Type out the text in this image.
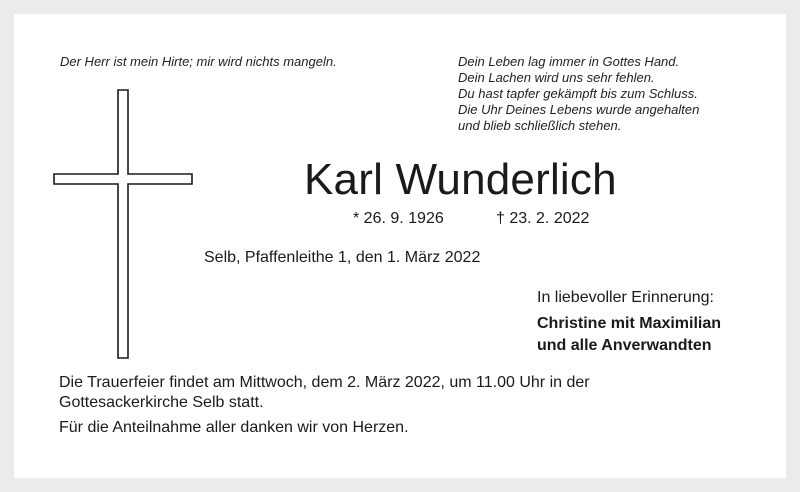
Der Herr ist mein Hirte; mir wird nichts mangeln.	Dein Leben lag immer in Gottes Hand.
Dein Lachen wird uns sehr fehlen.
Du hast tapfer gekämpft bis zum Schluss.
Die Uhr Deines Lebens wurde angehalten
und blieb schließlich stehen.
Karl Wunderlich
* 26. 9. 1926	† 23. 2. 2022
Selb, Pfaffenleithe 1, den 1. März 2022
In liebevoller Erinnerung:
Christine mit Maximilian
und alle Anverwandten
Die Trauerfeier findet am Mittwoch, dem 2. März 2022, um 11.00 Uhr in der
Gottesackerkirche Selb statt.
Für die Anteilnahme aller danken wir von Herzen.
